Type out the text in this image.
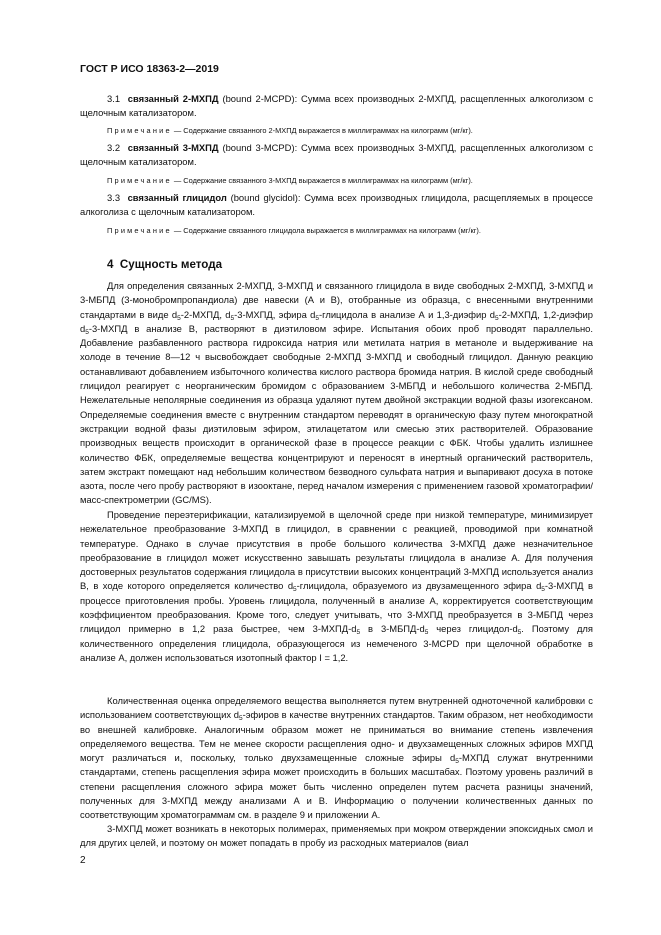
ГОСТ Р ИСО 18363-2—2019

3.1 связанный 2-МХПД (bound 2-MCPD): Сумма всех производных 2-МХПД, расщепленных алкоголизом с щелочным катализатором.

Примечание — Содержание связанного 2-МХПД выражается в миллиграммах на килограмм (мг/кг).

3.2 связанный 3-МХПД (bound 3-MCPD): Сумма всех производных 3-МХПД, расщепленных алкоголизом с щелочным катализатором.

Примечание — Содержание связанного 3-МХПД выражается в миллиграммах на килограмм (мг/кг).

3.3 связанный глицидол (bound glycidol): Сумма всех производных глицидола, расщепляемых в процессе алкоголиза с щелочным катализатором.

Примечание — Содержание связанного глицидола выражается в миллиграммах на килограмм (мг/кг).

4 Сущность метода

Для определения связанных 2-МХПД, 3-МХПД и связанного глицидола в виде свободных 2-МХПД, 3-МХПД и 3-МБПД (3-монобромпропандиола) две навески (А и В), отобранные из образца, с внесенными внутренними стандартами в виде $d_5-2$-МХПД, $d_5-3$-МХПД, эфира $d_5$-глицидола в анализе А и 1,3-диэфир $d_5-2$-МХПД, 1,2-диэфир $d_5-3$-МХПД в анализе В, растворяют в диэтиловом эфире. Испытания обоих проб проводят параллельно. Добавление разбавленного раствора гидроксида натрия или метилата натрия в метаноле и выдерживание на холоде в течение 8—12 ч высвобождает свободные 2-МХПД 3-МХПД и свободный глицидол. Данную реакцию останавливают добавлением избыточного количества кислого раствора бромида натрия. В кислой среде свободный глицидол реагирует с неорганическим бромидом с образованием 3-МБПД и небольшого количества 2-МБПД. Нежелательные неполярные соединения из образца удаляют путем двойной экстракции водной фазы изогексаном. Определяемые соединения вместе с внутренним стандартом переводят в органическую фазу путем многократной экстракции водной фазы диэтиловым эфиром, этилацетатом или смесью этих растворителей. Образование производных веществ происходит в органической фазе в процессе реакции с ФБК. Чтобы удалить излишнее количество ФБК, определяемые вещества концентрируют и переносят в инертный органический растворитель, затем экстракт помещают над небольшим количеством безводного сульфата натрия и выпаривают досуха в потоке азота, после чего пробу растворяют в изооктане, перед началом измерения с применением газовой хроматографии/масс-спектрометрии (GC/MS).

Проведение переэтерификации, катализируемой в щелочной среде при низкой температуре, минимизирует нежелательное преобразование 3-МХПД в глицидол, в сравнении с реакцией, проводимой при комнатной температуре. Однако в случае присутствия в пробе большого количества 3-МХПД даже незначительное преобразование в глицидол может искусственно завышать результаты глицидола в анализе А. Для получения достоверных результатов содержания глицидола в присутствии высоких концентраций 3-МХПД используется анализ В, в ходе которого определяется количество $d_5$-глицидола, образуемого из двузамещенного эфира $d_5-3$-МХПД в процессе приготовления пробы. Уровень глицидола, полученный в анализе А, корректируется соответствующим коэффициентом преобразования. Кроме того, следует учитывать, что 3-МХПД преобразуется в 3-МБПД через глицидол примерно в 1,2 раза быстрее, чем $3-МХПД-d_5$ в $3-МБПД-d_5$ через глицидол-$d_5$. Поэтому для количественного определения глицидола, образующегося из немеченого 3-MCPD при щелочной обработке в анализе А, должен использоваться изотопный фактор I = 1,2.

Количественная оценка определяемого вещества выполняется путем внутренней одноточечной калибровки с использованием соответствующих $d_5$-эфиров в качестве внутренних стандартов. Таким образом, нет необходимости во внешней калибровке. Аналогичным образом может не приниматься во внимание степень извлечения определяемого вещества. Тем не менее скорости расщепления одно- и двухзамещенных сложных эфиров МХПД могут различаться и, поскольку, только двухзамещенные сложные эфиры $d_5$-МХПД служат внутренними стандартами, степень расщепления эфира может происходить в больших масштабах. Поэтому уровень различий в степени расщепления сложного эфира может быть численно определен путем расчета разницы значений, полученных для 3-МХПД между анализами А и В. Информацию о получении количественных данных по соответствующим хроматограммам см. в разделе 9 и приложении А.

3-МХПД может возникать в некоторых полимерах, применяемых при мокром отверждении эпоксидных смол и для других целей, и поэтому он может попадать в пробу из расходных материалов (виал

2
